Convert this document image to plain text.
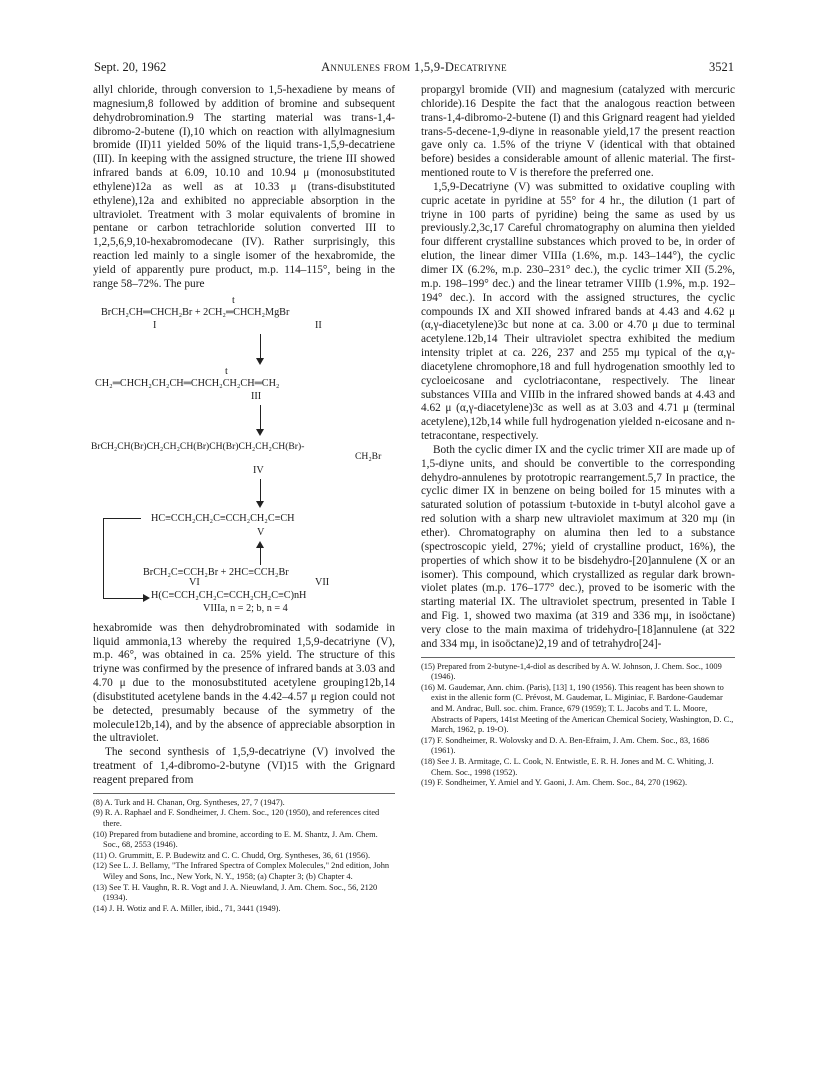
Sept. 20, 1962	Annulenes from 1,5,9-Decatriyne	3521

allyl chloride, through conversion to 1,5-hexadiene by means of magnesium,8 followed by addition of bromine and subsequent dehydrobromination.9 The starting material was trans-1,4-dibromo-2-butene (I),10 which on reaction with allylmagnesium bromide (II)11 yielded 50% of the liquid trans-1,5,9-decatriene (III). In keeping with the assigned structure, the triene III showed infrared bands at 6.09, 10.10 and 10.94 μ (monosubstituted ethylene)12a as well as at 10.33 μ (trans-disubstituted ethylene),12a and exhibited no appreciable absorption in the ultraviolet. Treatment with 3 molar equivalents of bromine in pentane or carbon tetrachloride solution converted III to 1,2,5,6,9,10-hexabromodecane (IV). Rather surprisingly, this reaction led mainly to a single isomer of the hexabromide, the yield of apparently pure product, m.p. 114–115°, being in the range 58–72%. The pure

t
BrCH₂CH═CHCH₂Br + 2CH₂═CHCH₂MgBr
I	II
t
CH₂═CHCH₂CH₂CH═CHCH₂CH₂CH═CH₂
III
BrCH₂CH(Br)CH₂CH₂CH(Br)CH(Br)CH₂CH₂CH(Br)-
CH₂Br
IV
HC≡CCH₂CH₂C≡CCH₂CH₂C≡CH
V
BrCH₂C≡CCH₂Br + 2HC≡CCH₂Br
VI	VII
H(C≡CCH₂CH₂C≡CCH₂CH₂C≡C)nH
VIIIa, n = 2; b, n = 4

hexabromide was then dehydrobrominated with sodamide in liquid ammonia,13 whereby the required 1,5,9-decatriyne (V), m.p. 46°, was obtained in ca. 25% yield. The structure of this triyne was confirmed by the presence of infrared bands at 3.03 and 4.70 μ due to the monosubstituted acetylene grouping12b,14 (disubstituted acetylene bands in the 4.42–4.57 μ region could not be detected, presumably because of the symmetry of the molecule12b,14), and by the absence of appreciable absorption in the ultraviolet.

The second synthesis of 1,5,9-decatriyne (V) involved the treatment of 1,4-dibromo-2-butyne (VI)15 with the Grignard reagent prepared from

(8) A. Turk and H. Chanan, Org. Syntheses, 27, 7 (1947).

(9) R. A. Raphael and F. Sondheimer, J. Chem. Soc., 120 (1950), and references cited there.

(10) Prepared from butadiene and bromine, according to E. M. Shantz, J. Am. Chem. Soc., 68, 2553 (1946).

(11) O. Grummitt, E. P. Budewitz and C. C. Chudd, Org. Syntheses, 36, 61 (1956).

(12) See L. J. Bellamy, "The Infrared Spectra of Complex Molecules," 2nd edition, John Wiley and Sons, Inc., New York, N. Y., 1958; (a) Chapter 3; (b) Chapter 4.

(13) See T. H. Vaughn, R. R. Vogt and J. A. Nieuwland, J. Am. Chem. Soc., 56, 2120 (1934).

(14) J. H. Wotiz and F. A. Miller, ibid., 71, 3441 (1949).

propargyl bromide (VII) and magnesium (catalyzed with mercuric chloride).16 Despite the fact that the analogous reaction between trans-1,4-dibromo-2-butene (I) and this Grignard reagent had yielded trans-5-decene-1,9-diyne in reasonable yield,17 the present reaction gave only ca. 1.5% of the triyne V (identical with that obtained before) besides a considerable amount of allenic material. The first-mentioned route to V is therefore the preferred one.

1,5,9-Decatriyne (V) was submitted to oxidative coupling with cupric acetate in pyridine at 55° for 4 hr., the dilution (1 part of triyne in 100 parts of pyridine) being the same as used by us previously.2,3c,17 Careful chromatography on alumina then yielded four different crystalline substances which proved to be, in order of elution, the linear dimer VIIIa (1.6%, m.p. 143–144°), the cyclic dimer IX (6.2%, m.p. 230–231° dec.), the cyclic trimer XII (5.2%, m.p. 198–199° dec.) and the linear tetramer VIIIb (1.9%, m.p. 192–194° dec.). In accord with the assigned structures, the cyclic compounds IX and XII showed infrared bands at 4.43 and 4.62 μ (α,γ-diacetylene)3c but none at ca. 3.00 or 4.70 μ due to terminal acetylene.12b,14 Their ultraviolet spectra exhibited the medium intensity triplet at ca. 226, 237 and 255 mμ typical of the α,γ-diacetylene chromophore,18 and full hydrogenation smoothly led to cycloeicosane and cyclotriacontane, respectively. The linear substances VIIIa and VIIIb in the infrared showed bands at 4.43 and 4.62 μ (α,γ-diacetylene)3c as well as at 3.03 and 4.71 μ (terminal acetylene),12b,14 while full hydrogenation yielded n-eicosane and n-tetracontane, respectively.

Both the cyclic dimer IX and the cyclic trimer XII are made up of 1,5-diyne units, and should be convertible to the corresponding dehydro-annulenes by prototropic rearrangement.5,7 In practice, the cyclic dimer IX in benzene on being boiled for 15 minutes with a saturated solution of potassium t-butoxide in t-butyl alcohol gave a red solution with a sharp new ultraviolet maximum at 320 mμ (in ether). Chromatography on alumina then led to a substance (spectroscopic yield, 27%; yield of crystalline product, 16%), the properties of which show it to be bisdehydro-[20]annulene (X or an isomer). This compound, which crystallized as regular dark brown-violet plates (m.p. 176–177° dec.), proved to be isomeric with the starting material IX. The ultraviolet spectrum, presented in Table I and Fig. 1, showed two maxima (at 319 and 336 mμ, in isoöctane) very close to the main maxima of tridehydro-[18]annulene (at 322 and 334 mμ, in isoöctane)2,19 and of tetrahydro[24]-

(15) Prepared from 2-butyne-1,4-diol as described by A. W. Johnson, J. Chem. Soc., 1009 (1946).

(16) M. Gaudemar, Ann. chim. (Paris), [13] 1, 190 (1956). This reagent has been shown to exist in the allenic form (C. Prévost, M. Gaudemar, L. Miginiac, F. Bardone-Gaudemar and M. Andrac, Bull. soc. chim. France, 679 (1959); T. L. Jacobs and T. L. Moore, Abstracts of Papers, 141st Meeting of the American Chemical Society, Washington, D. C., March, 1962, p. 19-O).

(17) F. Sondheimer, R. Wolovsky and D. A. Ben-Efraim, J. Am. Chem. Soc., 83, 1686 (1961).

(18) See J. B. Armitage, C. L. Cook, N. Entwistle, E. R. H. Jones and M. C. Whiting, J. Chem. Soc., 1998 (1952).

(19) F. Sondheimer, Y. Amiel and Y. Gaoni, J. Am. Chem. Soc., 84, 270 (1962).
